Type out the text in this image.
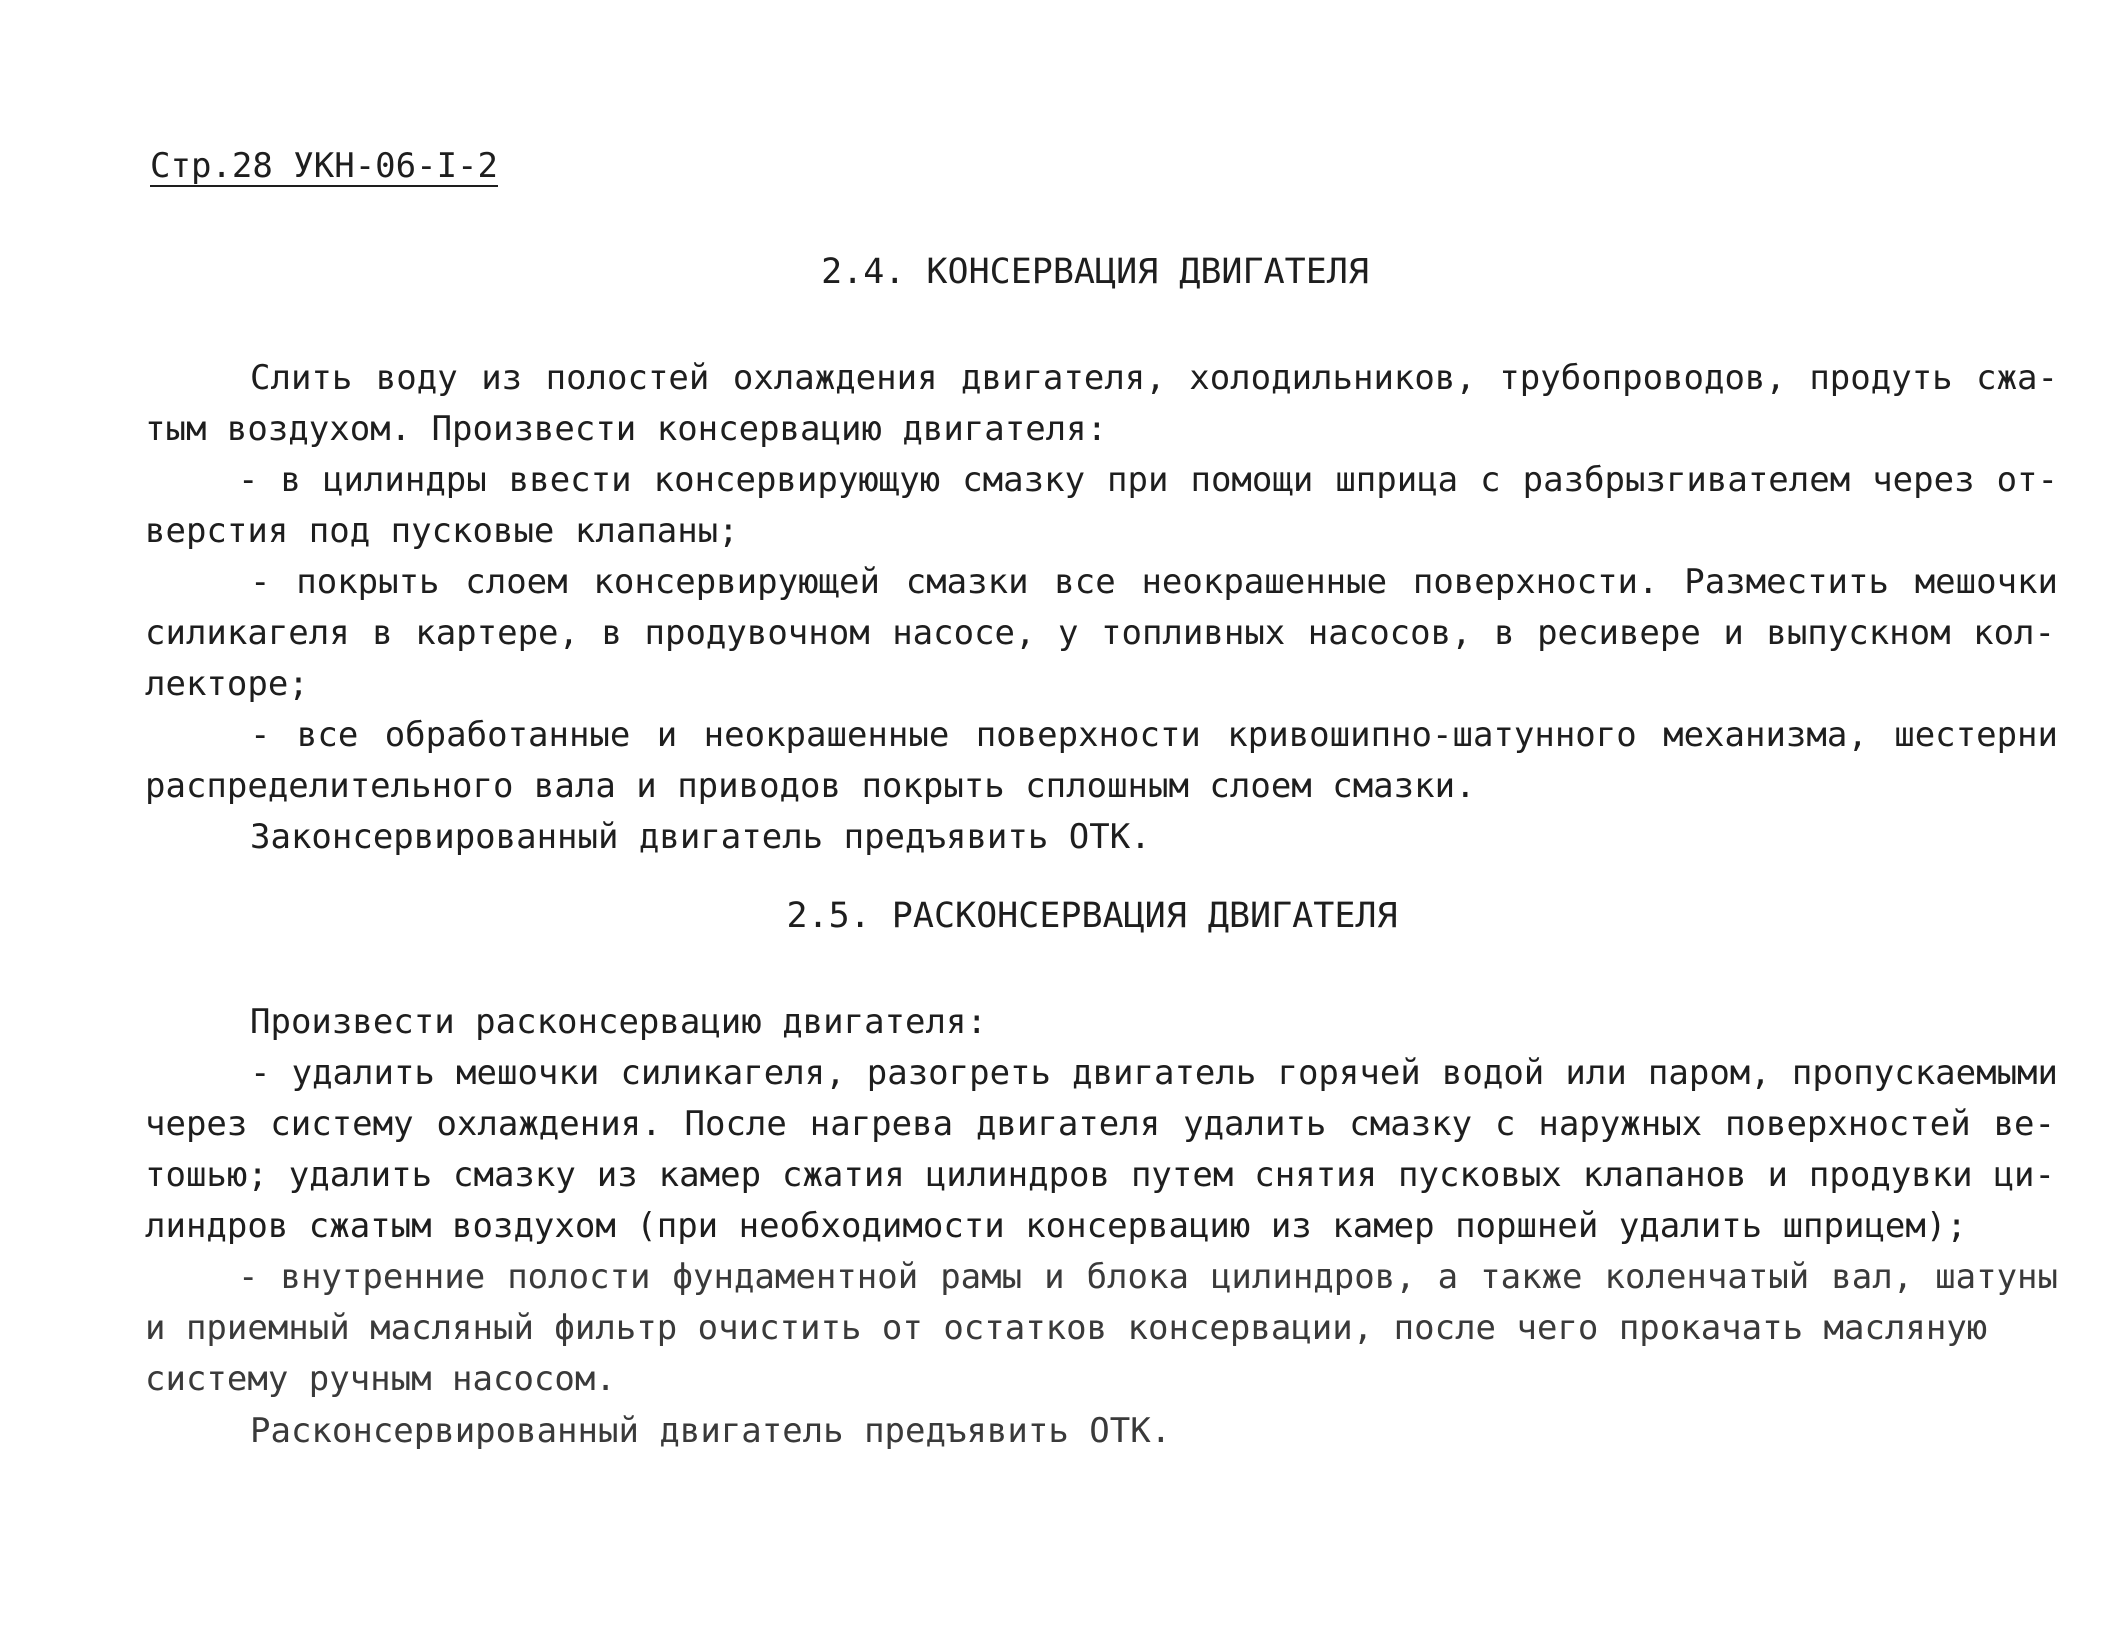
Стр.28 УКН-06-I-2
2.4. КОНСЕРВАЦИЯ ДВИГАТЕЛЯ
Слить воду из полостей охлаждения двигателя, холодильников, трубопроводов, продуть сжа-
тым воздухом. Произвести консервацию двигателя:
- в цилиндры ввести консервирующую смазку при помощи шприца с разбрызгивателем через от-
верстия под пусковые клапаны;
- покрыть слоем консервирующей смазки все неокрашенные поверхности. Разместить мешочки
силикагеля в картере, в продувочном насосе, у топливных насосов, в ресивере и выпускном кол-
лекторе;
- все обработанные и неокрашенные поверхности кривошипно-шатунного механизма, шестерни
распределительного вала и приводов покрыть сплошным слоем смазки.
Законсервированный двигатель предъявить ОТК.
2.5. РАСКОНСЕРВАЦИЯ ДВИГАТЕЛЯ
Произвести расконсервацию двигателя:
- удалить мешочки силикагеля, разогреть двигатель горячей водой или паром, пропускаемыми
через систему охлаждения. После нагрева двигателя удалить смазку с наружных поверхностей ве-
тошью; удалить смазку из камер сжатия цилиндров путем снятия пусковых клапанов и продувки ци-
линдров сжатым воздухом (при необходимости консервацию из камер поршней удалить шприцем);
- внутренние полости фундаментной рамы и блока цилиндров, а также коленчатый вал, шатуны
и приемный масляный фильтр очистить от остатков консервации, после чего прокачать масляную
систему ручным насосом.
Расконсервированный двигатель предъявить ОТК.
